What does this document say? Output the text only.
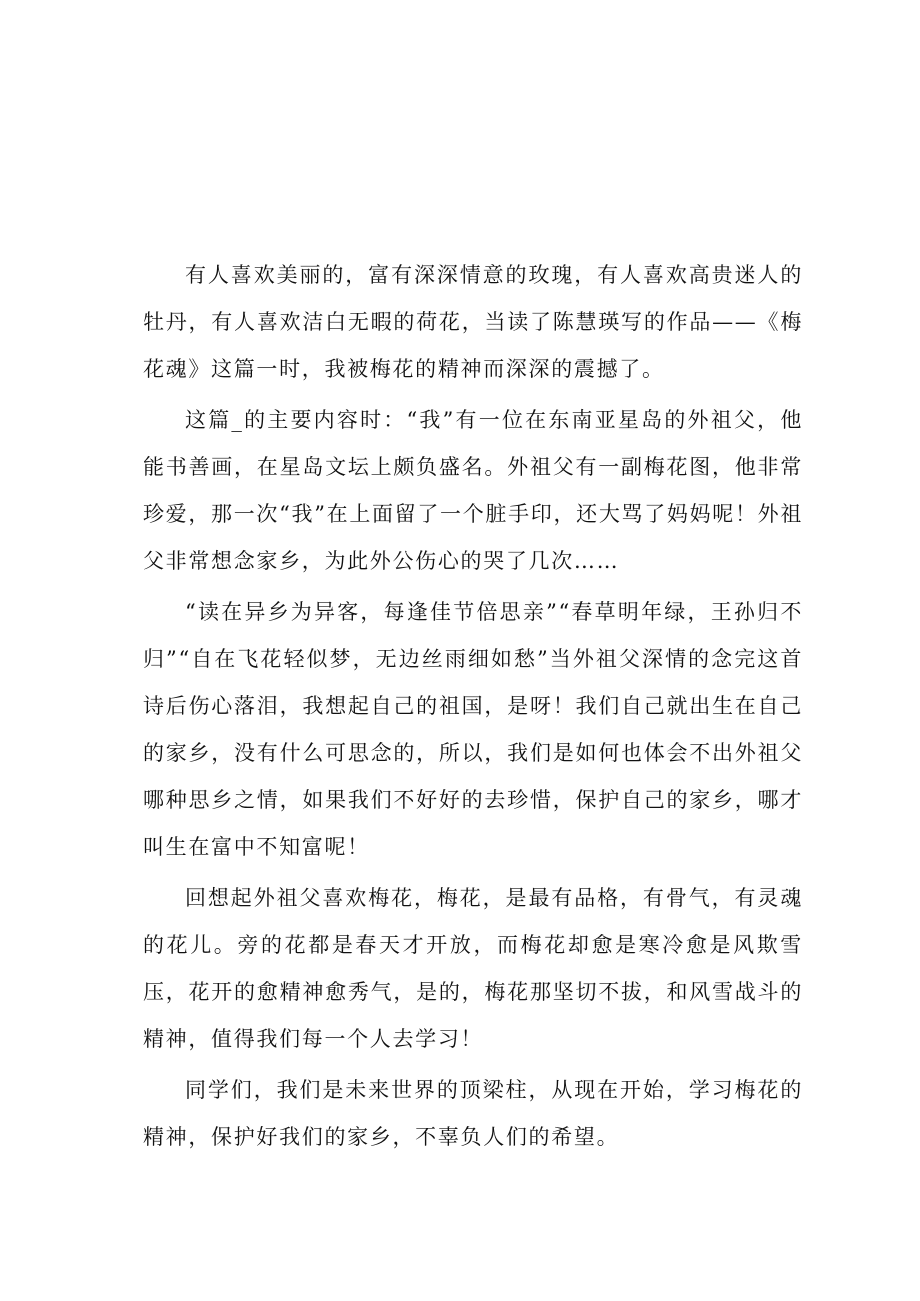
有人喜欢美丽的，富有深深情意的玫瑰，有人喜欢高贵迷人的牡丹，有人喜欢洁白无暇的荷花，当读了陈慧瑛写的作品——《梅花魂》这篇一时，我被梅花的精神而深深的震撼了。

这篇_的主要内容时：“我”有一位在东南亚星岛的外祖父，他能书善画，在星岛文坛上颇负盛名。外祖父有一副梅花图，他非常珍爱，那一次“我”在上面留了一个脏手印，还大骂了妈妈呢！外祖父非常想念家乡，为此外公伤心的哭了几次……

“读在异乡为异客，每逢佳节倍思亲”“春草明年绿，王孙归不归”“自在飞花轻似梦，无边丝雨细如愁”当外祖父深情的念完这首诗后伤心落泪，我想起自己的祖国，是呀！我们自己就出生在自己的家乡，没有什么可思念的，所以，我们是如何也体会不出外祖父哪种思乡之情，如果我们不好好的去珍惜，保护自己的家乡，哪才叫生在富中不知富呢！

回想起外祖父喜欢梅花，梅花，是最有品格，有骨气，有灵魂的花儿。旁的花都是春天才开放，而梅花却愈是寒冷愈是风欺雪压，花开的愈精神愈秀气，是的，梅花那坚切不拔，和风雪战斗的精神，值得我们每一个人去学习！

同学们，我们是未来世界的顶梁柱，从现在开始，学习梅花的精神，保护好我们的家乡，不辜负人们的希望。
